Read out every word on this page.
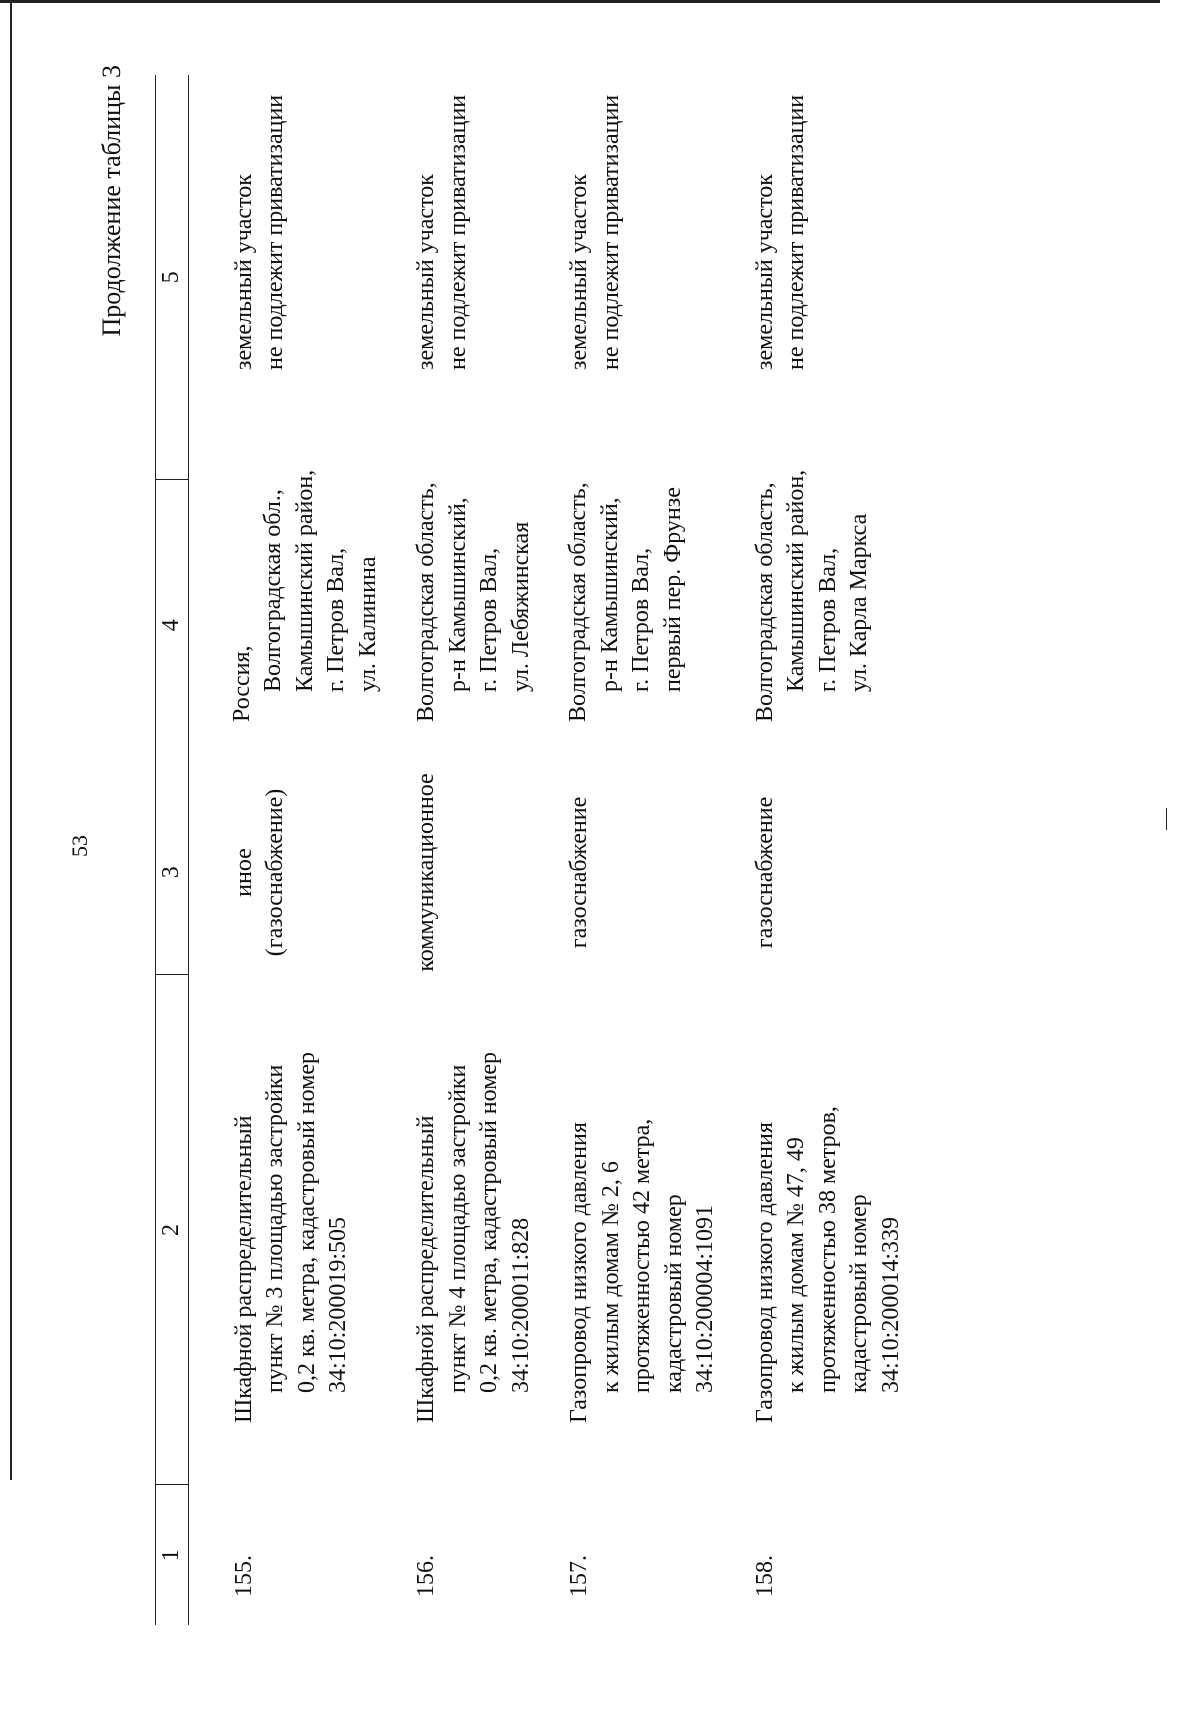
53
Продолжение таблицы 3
1	2	3	4	5
155.	Шкафной распределительный пункт № 3 площадью застройки 0,2 кв. метра, кадастровый номер 34:10:200019:505	иное (газоснабжение)	Россия, Волгоградская обл., Камышинский район, г. Петров Вал, ул. Калинина	земельный участок не подлежит приватизации

156.	Шкафной распределительный пункт № 4 площадью застройки 0,2 кв. метра, кадастровый номер 34:10:200011:828	коммуникационное	Волгоградская область, р-н Камышинский, г. Петров Вал, ул. Лебяжинская	земельный участок не подлежит приватизации

157.	Газопровод низкого давления к жилым домам № 2, 6 протяженностью 42 метра, кадастровый номер 34:10:200004:1091	газоснабжение	Волгоградская область, р-н Камышинский, г. Петров Вал, первый пер. Фрунзе	земельный участок не подлежит приватизации

158.	Газопровод низкого давления к жилым домам № 47, 49 протяженностью 38 метров, кадастровый номер 34:10:200014:339	газоснабжение	Волгоградская область, Камышинский район, г. Петров Вал, ул. Карла Маркса	земельный участок не подлежит приватизации
